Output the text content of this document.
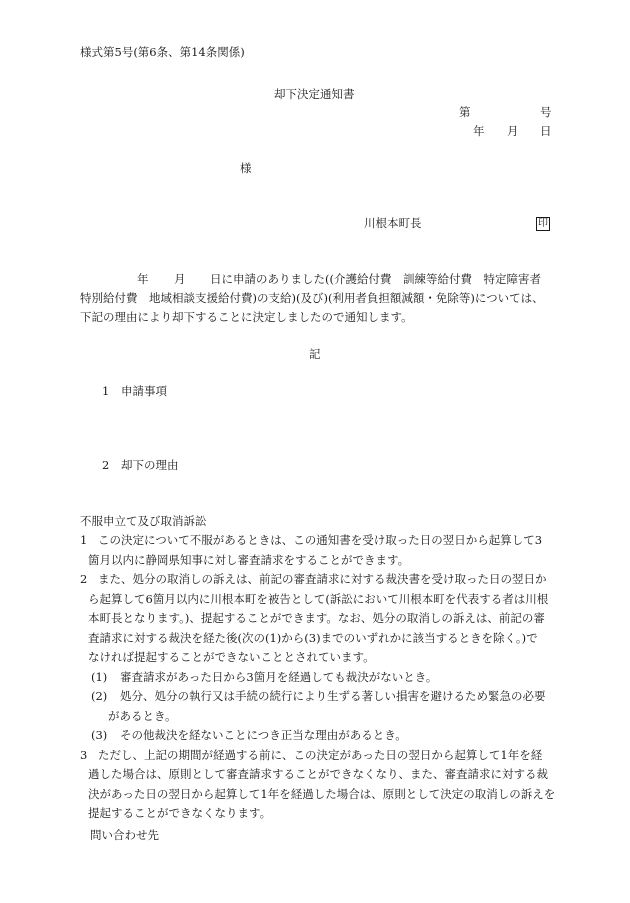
様式第5号(第6条、第14条関係)
却下決定通知書
第	号
年 月 日
様
川根本町長	印

年 月 日に申請のありました((介護給付費　訓練等給付費　特定障害者

特別給付費　地域相談支援給付費)の支給)(及び)(利用者負担額減額・免除等)については、

下記の理由により却下することに決定しましたので通知します。

記
1 申請事項
2 却下の理由
不服申立て及び取消訴訟
1 この決定について不服があるときは、この通知書を受け取った日の翌日から起算して3
箇月以内に静岡県知事に対し審査請求をすることができます。
2 また、処分の取消しの訴えは、前記の審査請求に対する裁決書を受け取った日の翌日か
ら起算して6箇月以内に川根本町を被告として(訴訟において川根本町を代表する者は川根
本町長となります。)、提起することができます。なお、処分の取消しの訴えは、前記の審
査請求に対する裁決を経た後(次の(1)から(3)までのいずれかに該当するときを除く。)で
なければ提起することができないこととされています。
(1)	審査請求があった日から3箇月を経過しても裁決がないとき。
(2)	処分、処分の執行又は手続の続行により生ずる著しい損害を避けるため緊急の必要
があるとき。
(3)	その他裁決を経ないことにつき正当な理由があるとき。
3 ただし、上記の期間が経過する前に、この決定があった日の翌日から起算して1年を経
過した場合は、原則として審査請求することができなくなり、また、審査請求に対する裁
決があった日の翌日から起算して1年を経過した場合は、原則として決定の取消しの訴えを
提起することができなくなります。
問い合わせ先
